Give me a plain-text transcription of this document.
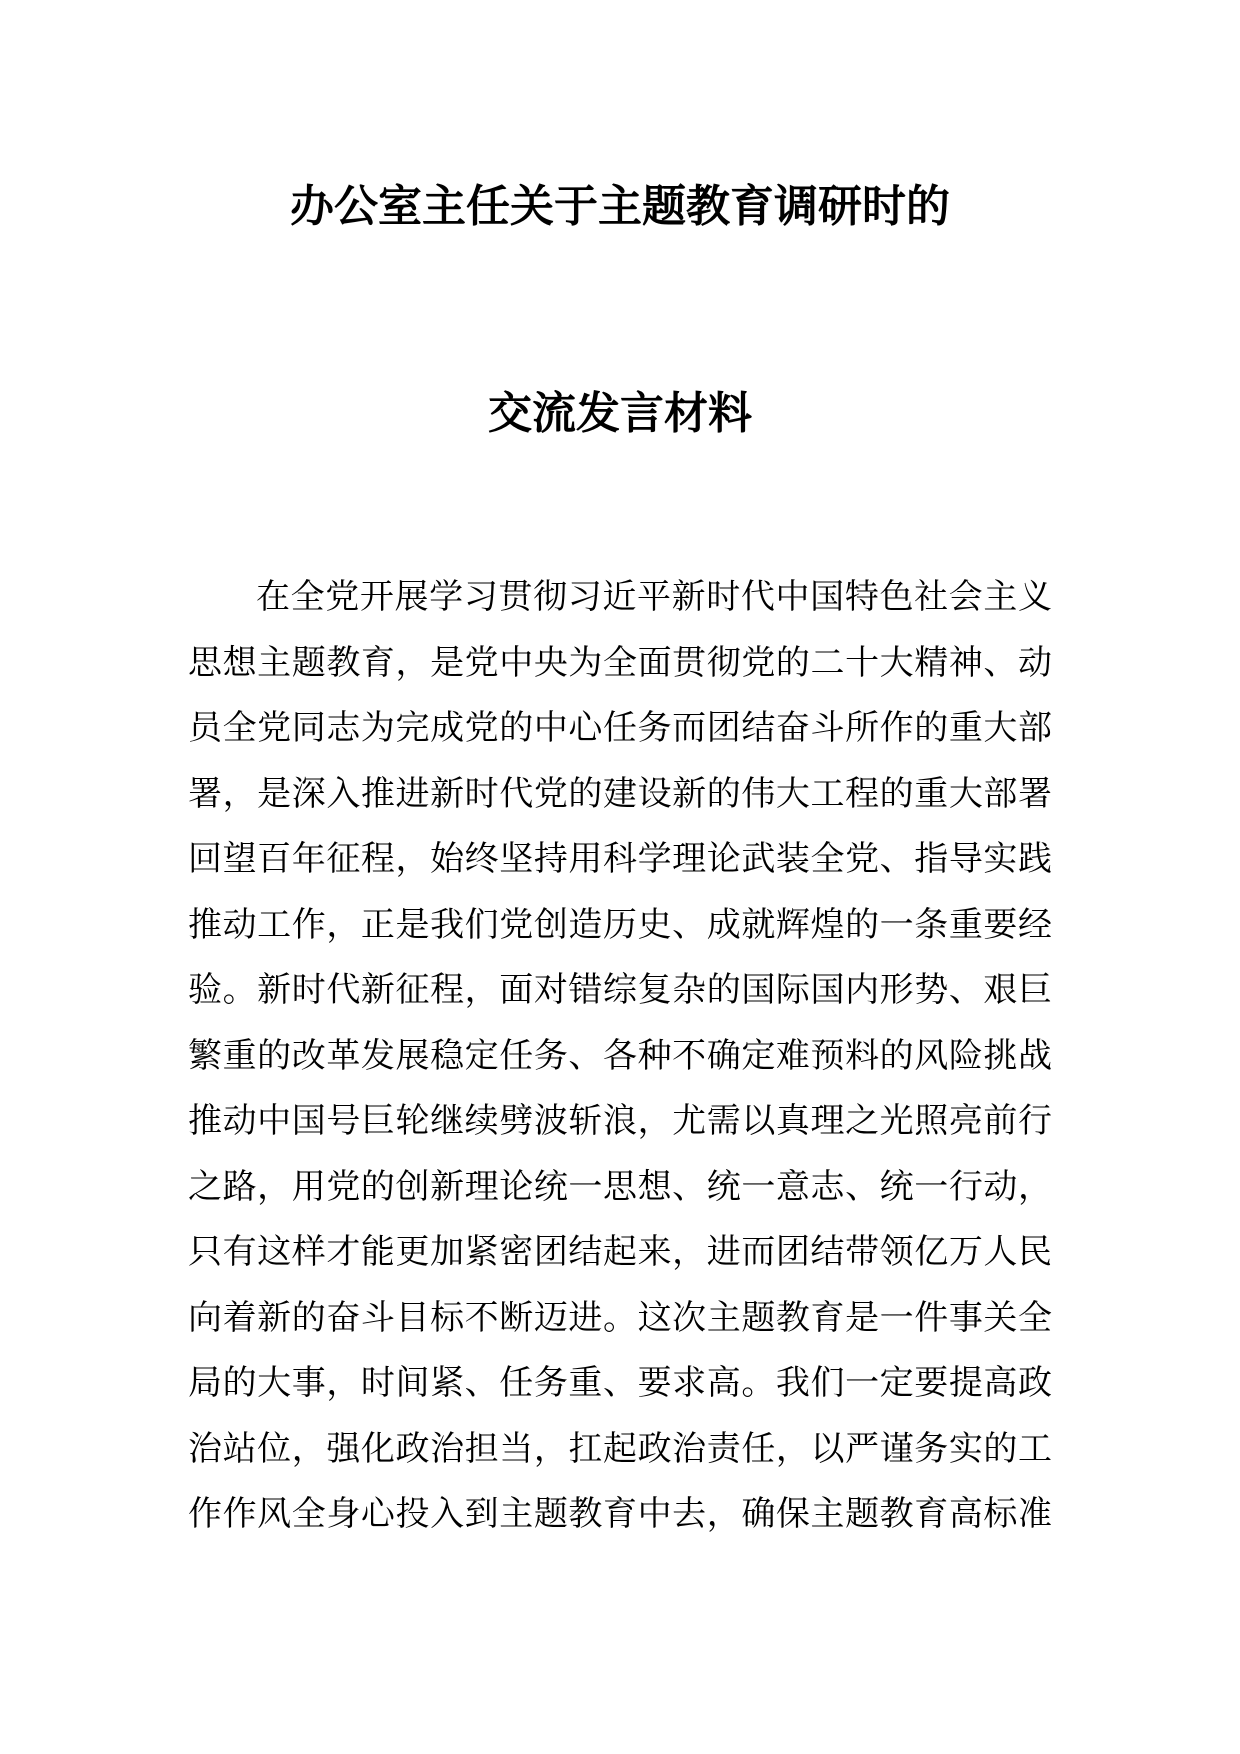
办公室主任关于主题教育调研时的
交流发言材料
在全党开展学习贯彻习近平新时代中国特色社会主义
思想主题教育，是党中央为全面贯彻党的二十大精神、动
员全党同志为完成党的中心任务而团结奋斗所作的重大部
署，是深入推进新时代党的建设新的伟大工程的重大部署
回望百年征程，始终坚持用科学理论武装全党、指导实践
推动工作，正是我们党创造历史、成就辉煌的一条重要经
验。新时代新征程，面对错综复杂的国际国内形势、艰巨
繁重的改革发展稳定任务、各种不确定难预料的风险挑战
推动中国号巨轮继续劈波斩浪，尤需以真理之光照亮前行
之路，用党的创新理论统一思想、统一意志、统一行动，
只有这样才能更加紧密团结起来，进而团结带领亿万人民
向着新的奋斗目标不断迈进。这次主题教育是一件事关全
局的大事，时间紧、任务重、要求高。我们一定要提高政
治站位，强化政治担当，扛起政治责任，以严谨务实的工
作作风全身心投入到主题教育中去，确保主题教育高标准
